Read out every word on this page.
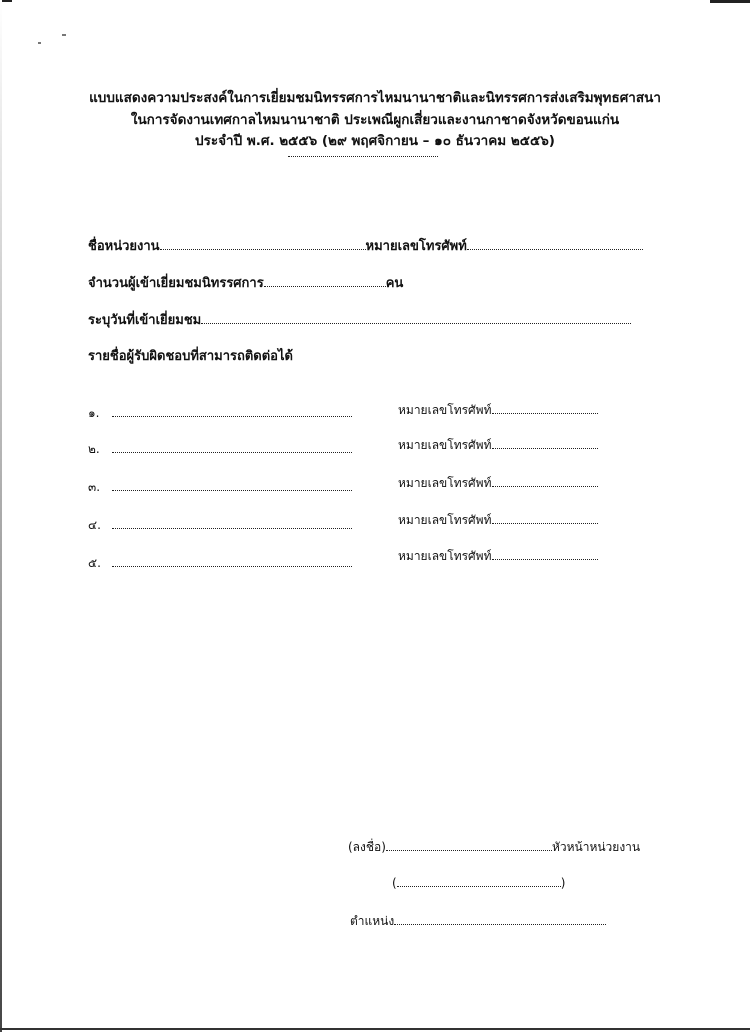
แบบแสดงความประสงค์ในการเยี่ยมชมนิทรรศการไหมนานาชาติและนิทรรศการส่งเสริมพุทธศาสนา
ในการจัดงานเทศกาลไหมนานาชาติ ประเพณีผูกเสี่ยวและงานกาชาดจังหวัดขอนแก่น
ประจำปี พ.ศ. ๒๕๕๖ (๒๙ พฤศจิกายน – ๑๐ ธันวาคม ๒๕๕๖)
ชื่อหน่วยงาน	หมายเลขโทรศัพท์
จำนวนผู้เข้าเยี่ยมชมนิทรรศการ	คน
ระบุวันที่เข้าเยี่ยมชม
รายชื่อผู้รับผิดชอบที่สามารถติดต่อได้
๑.	หมายเลขโทรศัพท์
๒.	หมายเลขโทรศัพท์
๓.	หมายเลขโทรศัพท์
๔.	หมายเลขโทรศัพท์
๕.	หมายเลขโทรศัพท์
(ลงชื่อ)	หัวหน้าหน่วยงาน
(	)
ตำแหน่ง
